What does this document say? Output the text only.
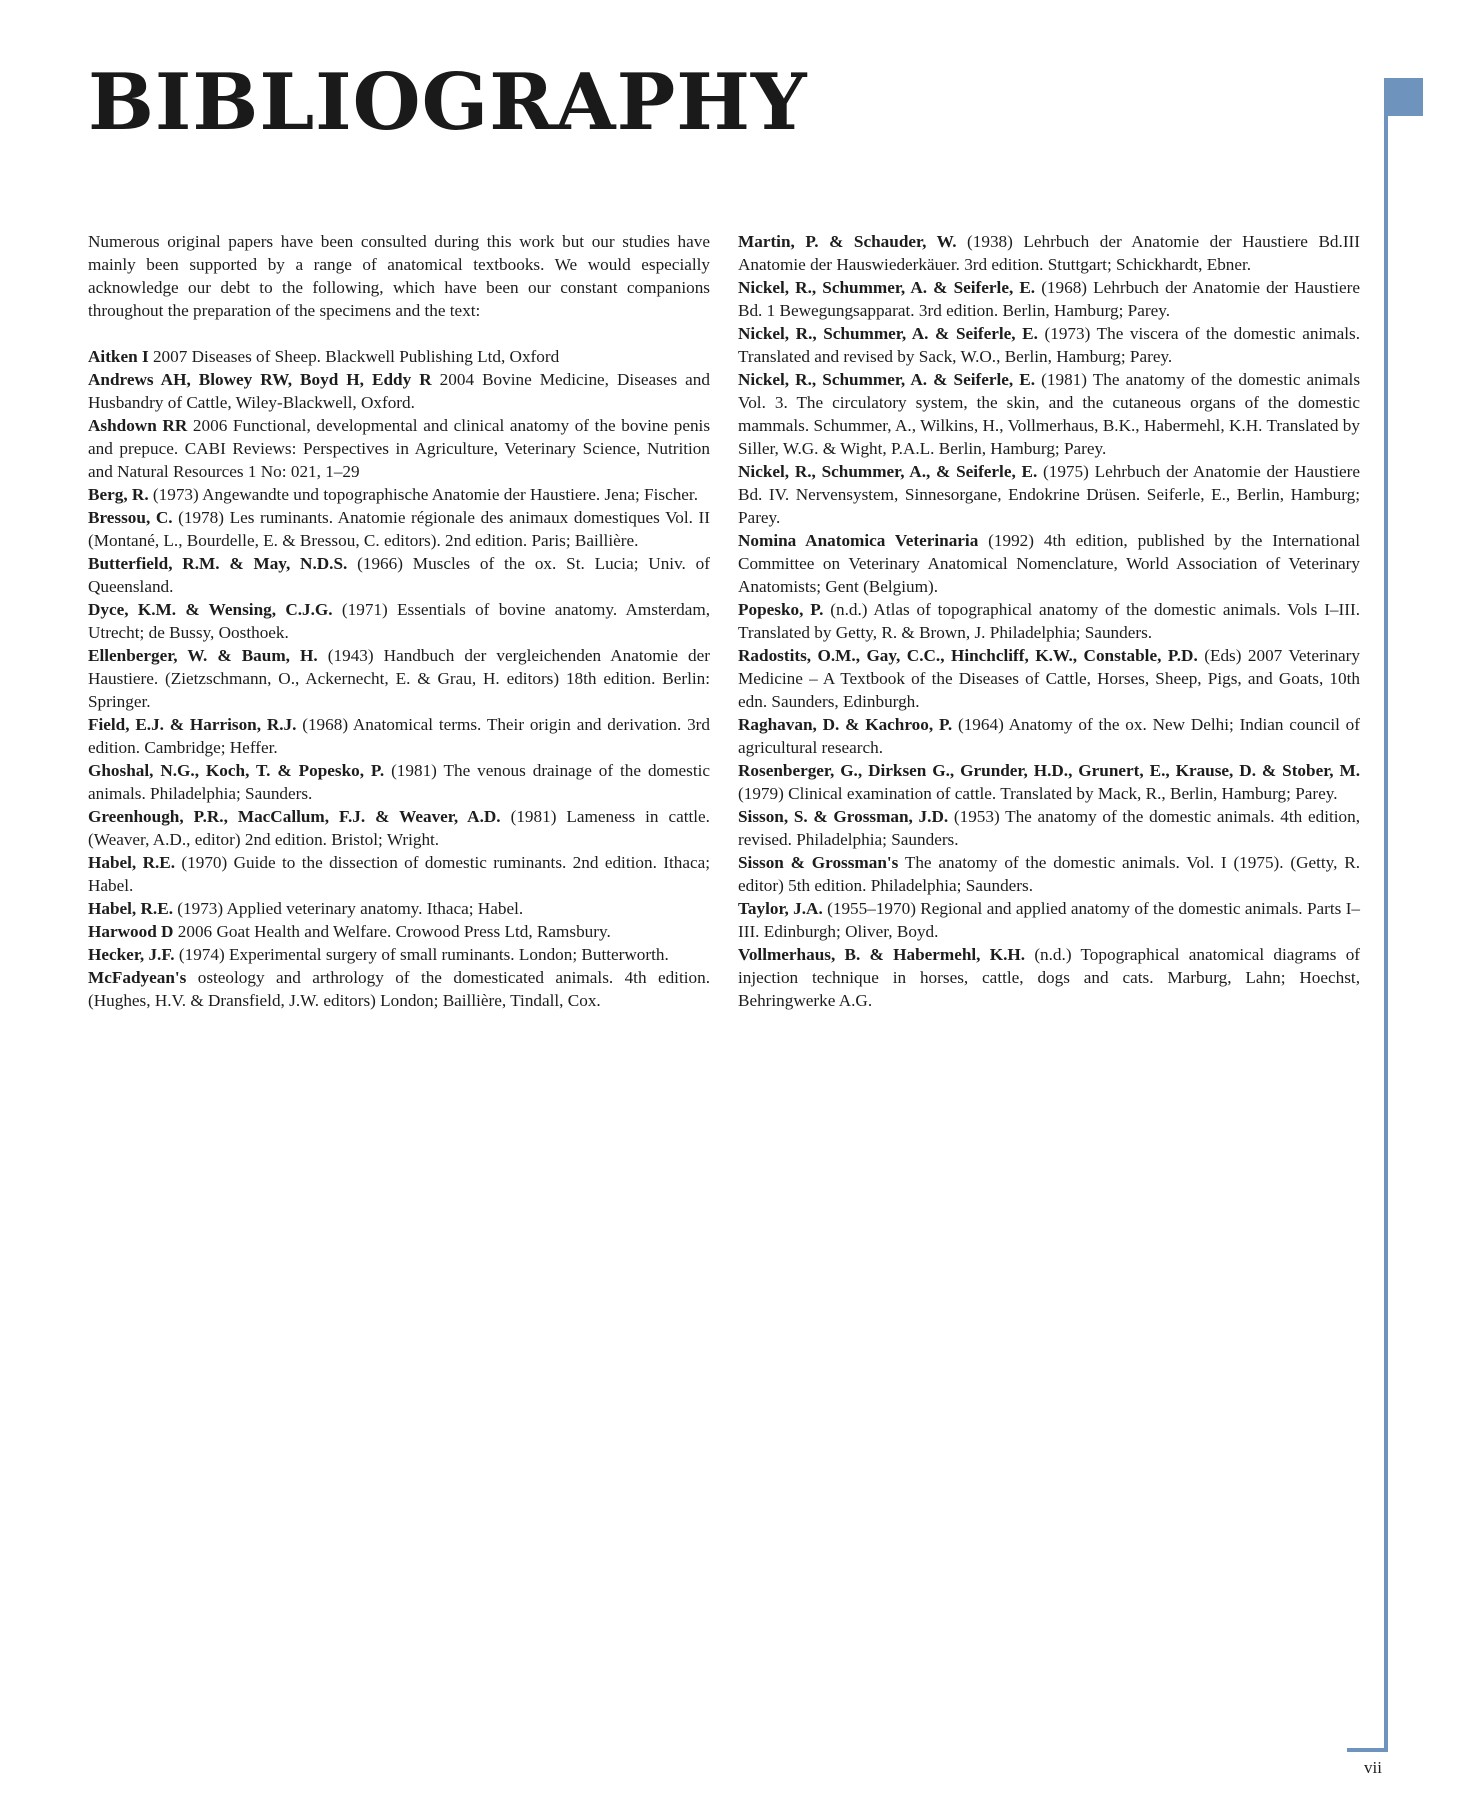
BIBLIOGRAPHY

Numerous original papers have been consulted during this work but our studies have mainly been supported by a range of anatomical textbooks. We would especially acknowledge our debt to the following, which have been our constant companions throughout the preparation of the specimens and the text:

Aitken I 2007 Diseases of Sheep. Blackwell Publishing Ltd, Oxford

Andrews AH, Blowey RW, Boyd H, Eddy R 2004 Bovine Medicine, Diseases and Husbandry of Cattle, Wiley-Blackwell, Oxford.

Ashdown RR 2006 Functional, developmental and clinical anatomy of the bovine penis and prepuce. CABI Reviews: Perspectives in Agriculture, Veterinary Science, Nutrition and Natural Resources 1 No: 021, 1–29

Berg, R. (1973) Angewandte und topographische Anatomie der Haustiere. Jena; Fischer.

Bressou, C. (1978) Les ruminants. Anatomie régionale des animaux domestiques Vol. II (Montané, L., Bourdelle, E. & Bressou, C. editors). 2nd edition. Paris; Baillière.

Butterfield, R.M. & May, N.D.S. (1966) Muscles of the ox. St. Lucia; Univ. of Queensland.

Dyce, K.M. & Wensing, C.J.G. (1971) Essentials of bovine anatomy. Amsterdam, Utrecht; de Bussy, Oosthoek.

Ellenberger, W. & Baum, H. (1943) Handbuch der vergleichenden Anatomie der Haustiere. (Zietzschmann, O., Ackernecht, E. & Grau, H. editors) 18th edition. Berlin: Springer.

Field, E.J. & Harrison, R.J. (1968) Anatomical terms. Their origin and derivation. 3rd edition. Cambridge; Heffer.

Ghoshal, N.G., Koch, T. & Popesko, P. (1981) The venous drainage of the domestic animals. Philadelphia; Saunders.

Greenhough, P.R., MacCallum, F.J. & Weaver, A.D. (1981) Lameness in cattle. (Weaver, A.D., editor) 2nd edition. Bristol; Wright.

Habel, R.E. (1970) Guide to the dissection of domestic ruminants. 2nd edition. Ithaca; Habel.

Habel, R.E. (1973) Applied veterinary anatomy. Ithaca; Habel.

Harwood D 2006 Goat Health and Welfare. Crowood Press Ltd, Ramsbury.

Hecker, J.F. (1974) Experimental surgery of small ruminants. London; Butterworth.

McFadyean's osteology and arthrology of the domesticated animals. 4th edition. (Hughes, H.V. & Dransfield, J.W. editors) London; Baillière, Tindall, Cox.

Martin, P. & Schauder, W. (1938) Lehrbuch der Anatomie der Haustiere Bd.III Anatomie der Hauswiederkäuer. 3rd edition. Stuttgart; Schickhardt, Ebner.

Nickel, R., Schummer, A. & Seiferle, E. (1968) Lehrbuch der Anatomie der Haustiere Bd. 1 Bewegungsapparat. 3rd edition. Berlin, Hamburg; Parey.

Nickel, R., Schummer, A. & Seiferle, E. (1973) The viscera of the domestic animals. Translated and revised by Sack, W.O., Berlin, Hamburg; Parey.

Nickel, R., Schummer, A. & Seiferle, E. (1981) The anatomy of the domestic animals Vol. 3. The circulatory system, the skin, and the cutaneous organs of the domestic mammals. Schummer, A., Wilkins, H., Vollmerhaus, B.K., Habermehl, K.H. Translated by Siller, W.G. & Wight, P.A.L. Berlin, Hamburg; Parey.

Nickel, R., Schummer, A., & Seiferle, E. (1975) Lehrbuch der Anatomie der Haustiere Bd. IV. Nervensystem, Sinnesorgane, Endokrine Drüsen. Seiferle, E., Berlin, Hamburg; Parey.

Nomina Anatomica Veterinaria (1992) 4th edition, published by the International Committee on Veterinary Anatomical Nomenclature, World Association of Veterinary Anatomists; Gent (Belgium).

Popesko, P. (n.d.) Atlas of topographical anatomy of the domestic animals. Vols I–III. Translated by Getty, R. & Brown, J. Philadelphia; Saunders.

Radostits, O.M., Gay, C.C., Hinchcliff, K.W., Constable, P.D. (Eds) 2007 Veterinary Medicine – A Textbook of the Diseases of Cattle, Horses, Sheep, Pigs, and Goats, 10th edn. Saunders, Edinburgh.

Raghavan, D. & Kachroo, P. (1964) Anatomy of the ox. New Delhi; Indian council of agricultural research.

Rosenberger, G., Dirksen G., Grunder, H.D., Grunert, E., Krause, D. & Stober, M. (1979) Clinical examination of cattle. Translated by Mack, R., Berlin, Hamburg; Parey.

Sisson, S. & Grossman, J.D. (1953) The anatomy of the domestic animals. 4th edition, revised. Philadelphia; Saunders.

Sisson & Grossman's The anatomy of the domestic animals. Vol. I (1975). (Getty, R. editor) 5th edition. Philadelphia; Saunders.

Taylor, J.A. (1955–1970) Regional and applied anatomy of the domestic animals. Parts I–III. Edinburgh; Oliver, Boyd.

Vollmerhaus, B. & Habermehl, K.H. (n.d.) Topographical anatomical diagrams of injection technique in horses, cattle, dogs and cats. Marburg, Lahn; Hoechst, Behringwerke A.G.

vii
